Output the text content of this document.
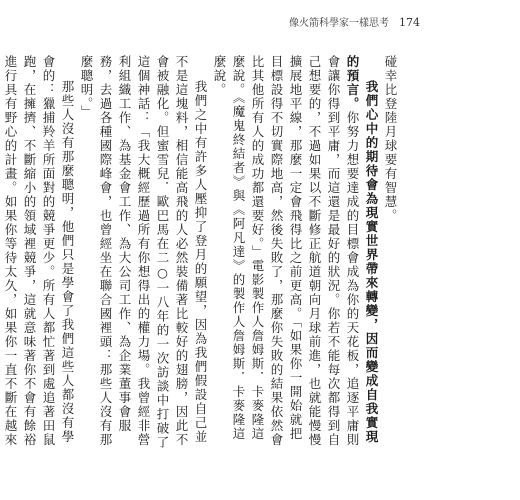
像火箭科學家一樣思考 174

碰幸比登陸月球要有智慧。

我們心中的期待會為現實世界帶來轉變，因而變成自我實現的預言。你努力想要達成的目標會成為你的天花板，追逐平庸則會讓你得到平庸，而這還是最好的狀況。你若不能每次都得到自己想要的，不過如果以不斷修正航道朝向月球前進，也就能慢慢擴展地平線，那麼一定會飛得比之前更高。「如果你一開始就把目標設得不切實際地高，然後失敗了，那麼你失敗的結果依然會比其他所有人的成功都還要好。」電影製作人詹姆斯．卡麥隆這麼說。《魔鬼終結者》與《阿凡達》的製作人詹姆斯．卡麥隆這麼說。

我們之中有許多人壓抑了登月的願望，因為我們假設自己並不是這塊料，相信能高飛的人必然裝備著比較好的翅膀，因此不會被融化。但蜜雪兒．歐巴馬在二○一八年的一次訪談中打破了這個神話：「我大概經歷過所有你想得出的權力場。我曾經非營利組織工作、為基金會工作、為大公司工作、為企業董事會服務，去過各種國際峰會，也曾經坐在聯合國裡頭：那些人沒有那麼聰明。」

那些人沒有那麼聰明，他們只是學會了我們這些人都沒有學會的：獵捕羚羊所面對的競爭更少。所有人都忙著到處追著田鼠跑，在擁擠、不斷縮小的領域裡競爭，這就意味著你不會有餘裕進行具有野心的計畫。如果你等待太久，如果你一直不斷在越來
